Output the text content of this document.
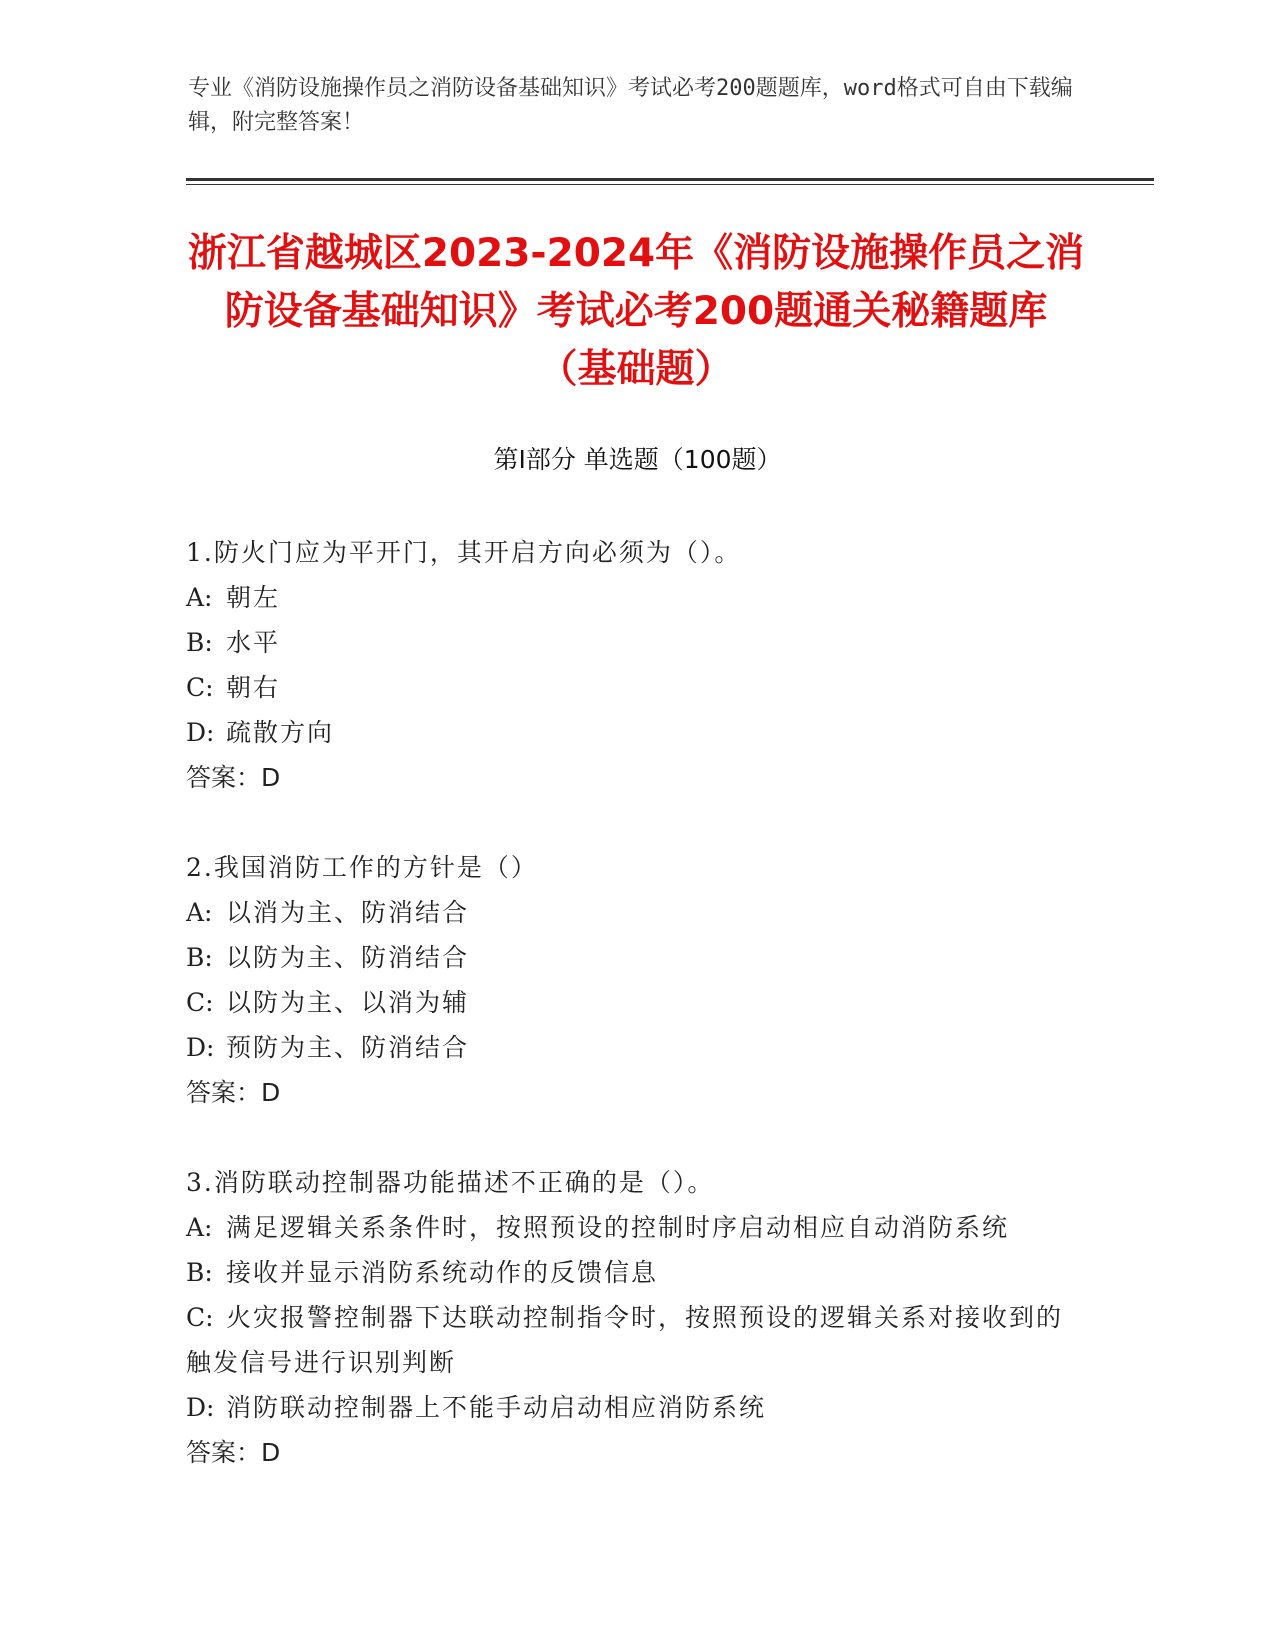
专业《消防设施操作员之消防设备基础知识》考试必考200题题库，word格式可自由下载编辑，附完整答案！
浙江省越城区2023-2024年《消防设施操作员之消防设备基础知识》考试必考200题通关秘籍题库（基础题）
第I部分 单选题（100题）
1.防火门应为平开门，其开启方向必须为（）。
A: 朝左
B: 水平
C: 朝右
D: 疏散方向
答案：D
2.我国消防工作的方针是（）
A: 以消为主、防消结合
B: 以防为主、防消结合
C: 以防为主、以消为辅
D: 预防为主、防消结合
答案：D
3.消防联动控制器功能描述不正确的是（）。
A: 满足逻辑关系条件时，按照预设的控制时序启动相应自动消防系统
B: 接收并显示消防系统动作的反馈信息
C: 火灾报警控制器下达联动控制指令时，按照预设的逻辑关系对接收到的触发信号进行识别判断
D: 消防联动控制器上不能手动启动相应消防系统
答案：D
